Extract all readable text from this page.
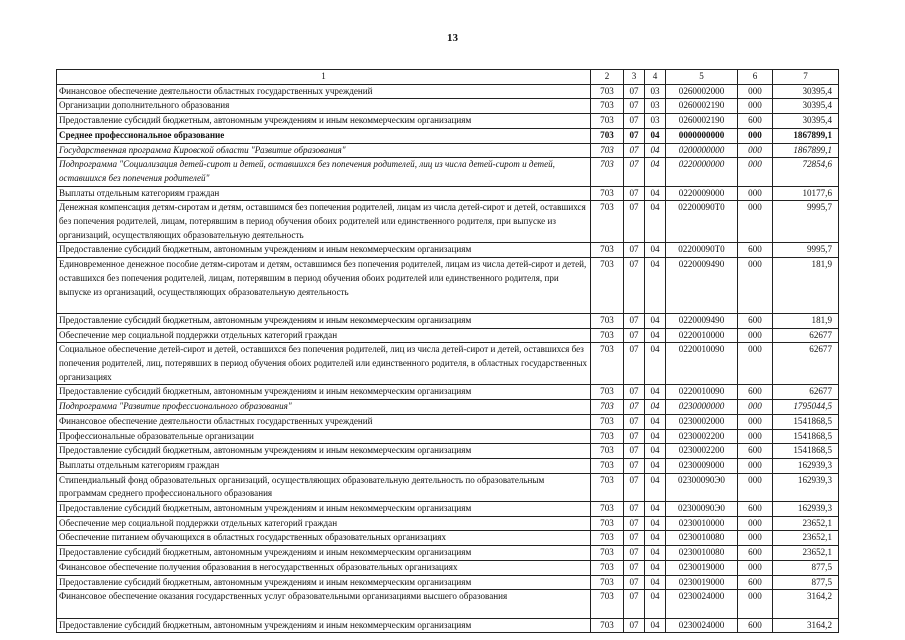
13
1	2	3	4	5	6	7
Финансовое обеспечение деятельности областных государственных учреждений	703	07	03	0260002000	000	30395,4
Организации дополнительного образования	703	07	03	0260002190	000	30395,4
Предоставление субсидий бюджетным, автономным учреждениям и иным некоммерческим организациям	703	07	03	0260002190	600	30395,4
Среднее профессиональное образование	703	07	04	0000000000	000	1867899,1
Государственная программа Кировской области "Развитие образования"	703	07	04	0200000000	000	1867899,1
Подпрограмма "Социализация детей-сирот и детей, оставшихся без попечения родителей, лиц из числа детей-сирот и детей, оставшихся без попечения родителей"	703	07	04	0220000000	000	72854,6
Выплаты отдельным категориям граждан	703	07	04	0220009000	000	10177,6
Денежная компенсация детям-сиротам и детям, оставшимся без попечения родителей, лицам из числа детей-сирот и детей, оставшихся без попечения родителей, лицам, потерявшим в период обучения обоих родителей или единственного родителя, при выпуске из организаций, осуществляющих образовательную деятельность	703	07	04	02200090Т0	000	9995,7
Предоставление субсидий бюджетным, автономным учреждениям и иным некоммерческим организациям	703	07	04	02200090Т0	600	9995,7
Единовременное денежное пособие детям-сиротам и детям, оставшимся без попечения родителей, лицам из числа детей-сирот и детей, оставшихся без попечения родителей, лицам, потерявшим в период обучения обоих родителей или единственного родителя, при выпуске из организаций, осуществляющих образовательную деятельность	703	07	04	0220009490	000	181,9
Предоставление субсидий бюджетным, автономным учреждениям и иным некоммерческим организациям	703	07	04	0220009490	600	181,9
Обеспечение мер социальной поддержки отдельных категорий граждан	703	07	04	0220010000	000	62677
Социальное обеспечение детей-сирот и детей, оставшихся без попечения родителей, лиц из числа детей-сирот и детей, оставшихся без попечения родителей, лиц, потерявших в период обучения обоих родителей или единственного родителя, в областных государственных организациях	703	07	04	0220010090	000	62677
Предоставление субсидий бюджетным, автономным учреждениям и иным некоммерческим организациям	703	07	04	0220010090	600	62677
Подпрограмма "Развитие профессионального образования"	703	07	04	0230000000	000	1795044,5
Финансовое обеспечение деятельности областных государственных учреждений	703	07	04	0230002000	000	1541868,5
Профессиональные образовательные организации	703	07	04	0230002200	000	1541868,5
Предоставление субсидий бюджетным, автономным учреждениям и иным некоммерческим организациям	703	07	04	0230002200	600	1541868,5
Выплаты отдельным категориям граждан	703	07	04	0230009000	000	162939,3
Стипендиальный фонд образовательных организаций, осуществляющих образовательную деятельность по образовательным программам среднего профессионального образования	703	07	04	02300090Э0	000	162939,3
Предоставление субсидий бюджетным, автономным учреждениям и иным некоммерческим организациям	703	07	04	02300090Э0	600	162939,3
Обеспечение мер социальной поддержки отдельных категорий граждан	703	07	04	0230010000	000	23652,1
Обеспечение питанием обучающихся в областных государственных образовательных организациях	703	07	04	0230010080	000	23652,1
Предоставление субсидий бюджетным, автономным учреждениям и иным некоммерческим организациям	703	07	04	0230010080	600	23652,1
Финансовое обеспечение получения образования в негосударственных образовательных организациях	703	07	04	0230019000	000	877,5
Предоставление субсидий бюджетным, автономным учреждениям и иным некоммерческим организациям	703	07	04	0230019000	600	877,5
Финансовое обеспечение оказания государственных услуг образовательными организациями высшего образования	703	07	04	0230024000	000	3164,2
Предоставление субсидий бюджетным, автономным учреждениям и иным некоммерческим организациям	703	07	04	0230024000	600	3164,2
